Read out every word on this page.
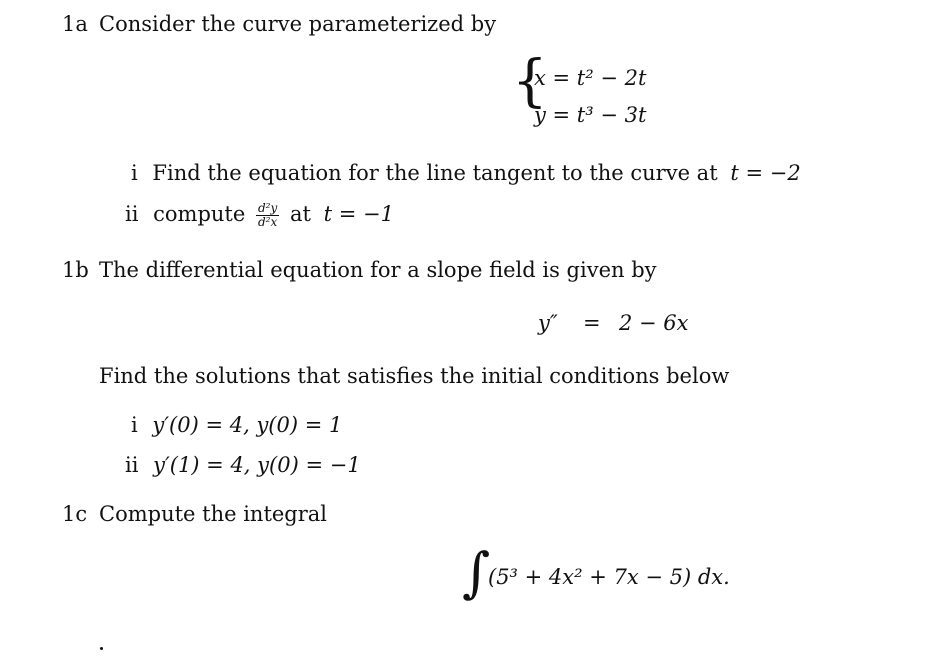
1a Consider the curve parameterized by
{
x = t² − 2t
y = t³ − 3t
i Find the equation for the line tangent to the curve at t = −2
ii compute $\frac{\text{d²y}}{\text{d²x}}$ at t = −1
1b The differential equation for a slope field is given by
y″ = 2 − 6x
Find the solutions that satisfies the initial conditions below
i y′(0) = 4, y(0) = 1
ii y′(1) = 4, y(0) = −1
1c Compute the integral
∫
(5³ + 4x² + 7x − 5) dx.
